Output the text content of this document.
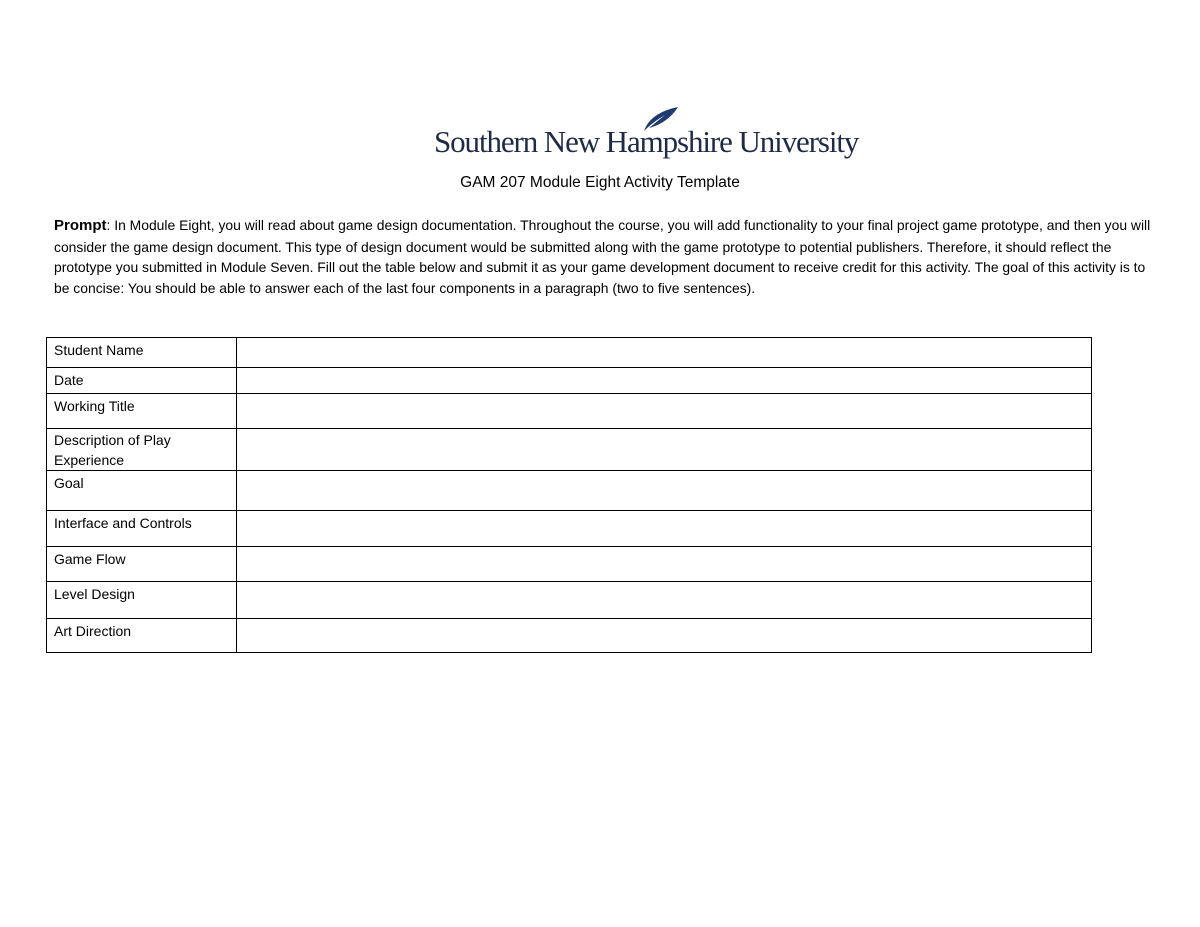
Southern New Hampshire University
GAM 207 Module Eight Activity Template

Prompt: In Module Eight, you will read about game design documentation. Throughout the course, you will add functionality to your final project game prototype, and then you will consider the game design document. This type of design document would be submitted along with the game prototype to potential publishers. Therefore, it should reflect the prototype you submitted in Module Seven. Fill out the table below and submit it as your game development document to receive credit for this activity. The goal of this activity is to be concise: You should be able to answer each of the last four components in a paragraph (two to five sentences).

Student Name	
Date	
Working Title	
Description of Play Experience	
Goal	
Interface and Controls	
Game Flow	
Level Design	
Art Direction	
